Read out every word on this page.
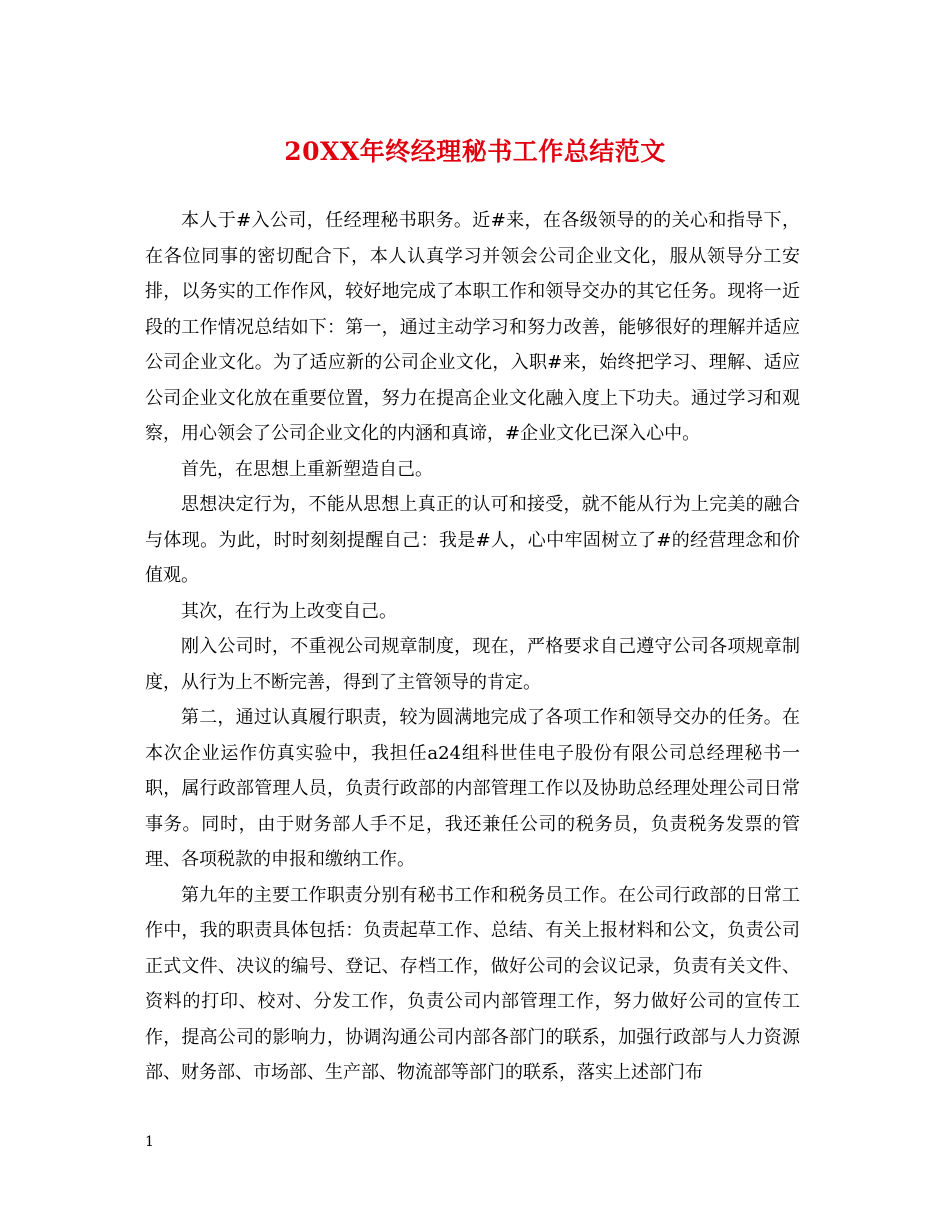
20XX年终经理秘书工作总结范文

本人于#入公司，任经理秘书职务。近#来，在各级领导的的关心和指导下，在各位同事的密切配合下，本人认真学习并领会公司企业文化，服从领导分工安排，以务实的工作作风，较好地完成了本职工作和领导交办的其它任务。现将一近段的工作情况总结如下：第一，通过主动学习和努力改善，能够很好的理解并适应公司企业文化。为了适应新的公司企业文化，入职#来，始终把学习、理解、适应公司企业文化放在重要位置，努力在提高企业文化融入度上下功夫。通过学习和观察，用心领会了公司企业文化的内涵和真谛，#企业文化已深入心中。

首先，在思想上重新塑造自己。

思想决定行为，不能从思想上真正的认可和接受，就不能从行为上完美的融合与体现。为此，时时刻刻提醒自己：我是#人，心中牢固树立了#的经营理念和价值观。

其次，在行为上改变自己。

刚入公司时，不重视公司规章制度，现在，严格要求自己遵守公司各项规章制度，从行为上不断完善，得到了主管领导的肯定。

第二，通过认真履行职责，较为圆满地完成了各项工作和领导交办的任务。在本次企业运作仿真实验中，我担任a24组科世佳电子股份有限公司总经理秘书一职，属行政部管理人员，负责行政部的内部管理工作以及协助总经理处理公司日常事务。同时，由于财务部人手不足，我还兼任公司的税务员，负责税务发票的管理、各项税款的申报和缴纳工作。

第九年的主要工作职责分别有秘书工作和税务员工作。在公司行政部的日常工作中，我的职责具体包括：负责起草工作、总结、有关上报材料和公文，负责公司正式文件、决议的编号、登记、存档工作，做好公司的会议记录，负责有关文件、资料的打印、校对、分发工作，负责公司内部管理工作，努力做好公司的宣传工作，提高公司的影响力，协调沟通公司内部各部门的联系，加强行政部与人力资源部、财务部、市场部、生产部、物流部等部门的联系，落实上述部门布

1
